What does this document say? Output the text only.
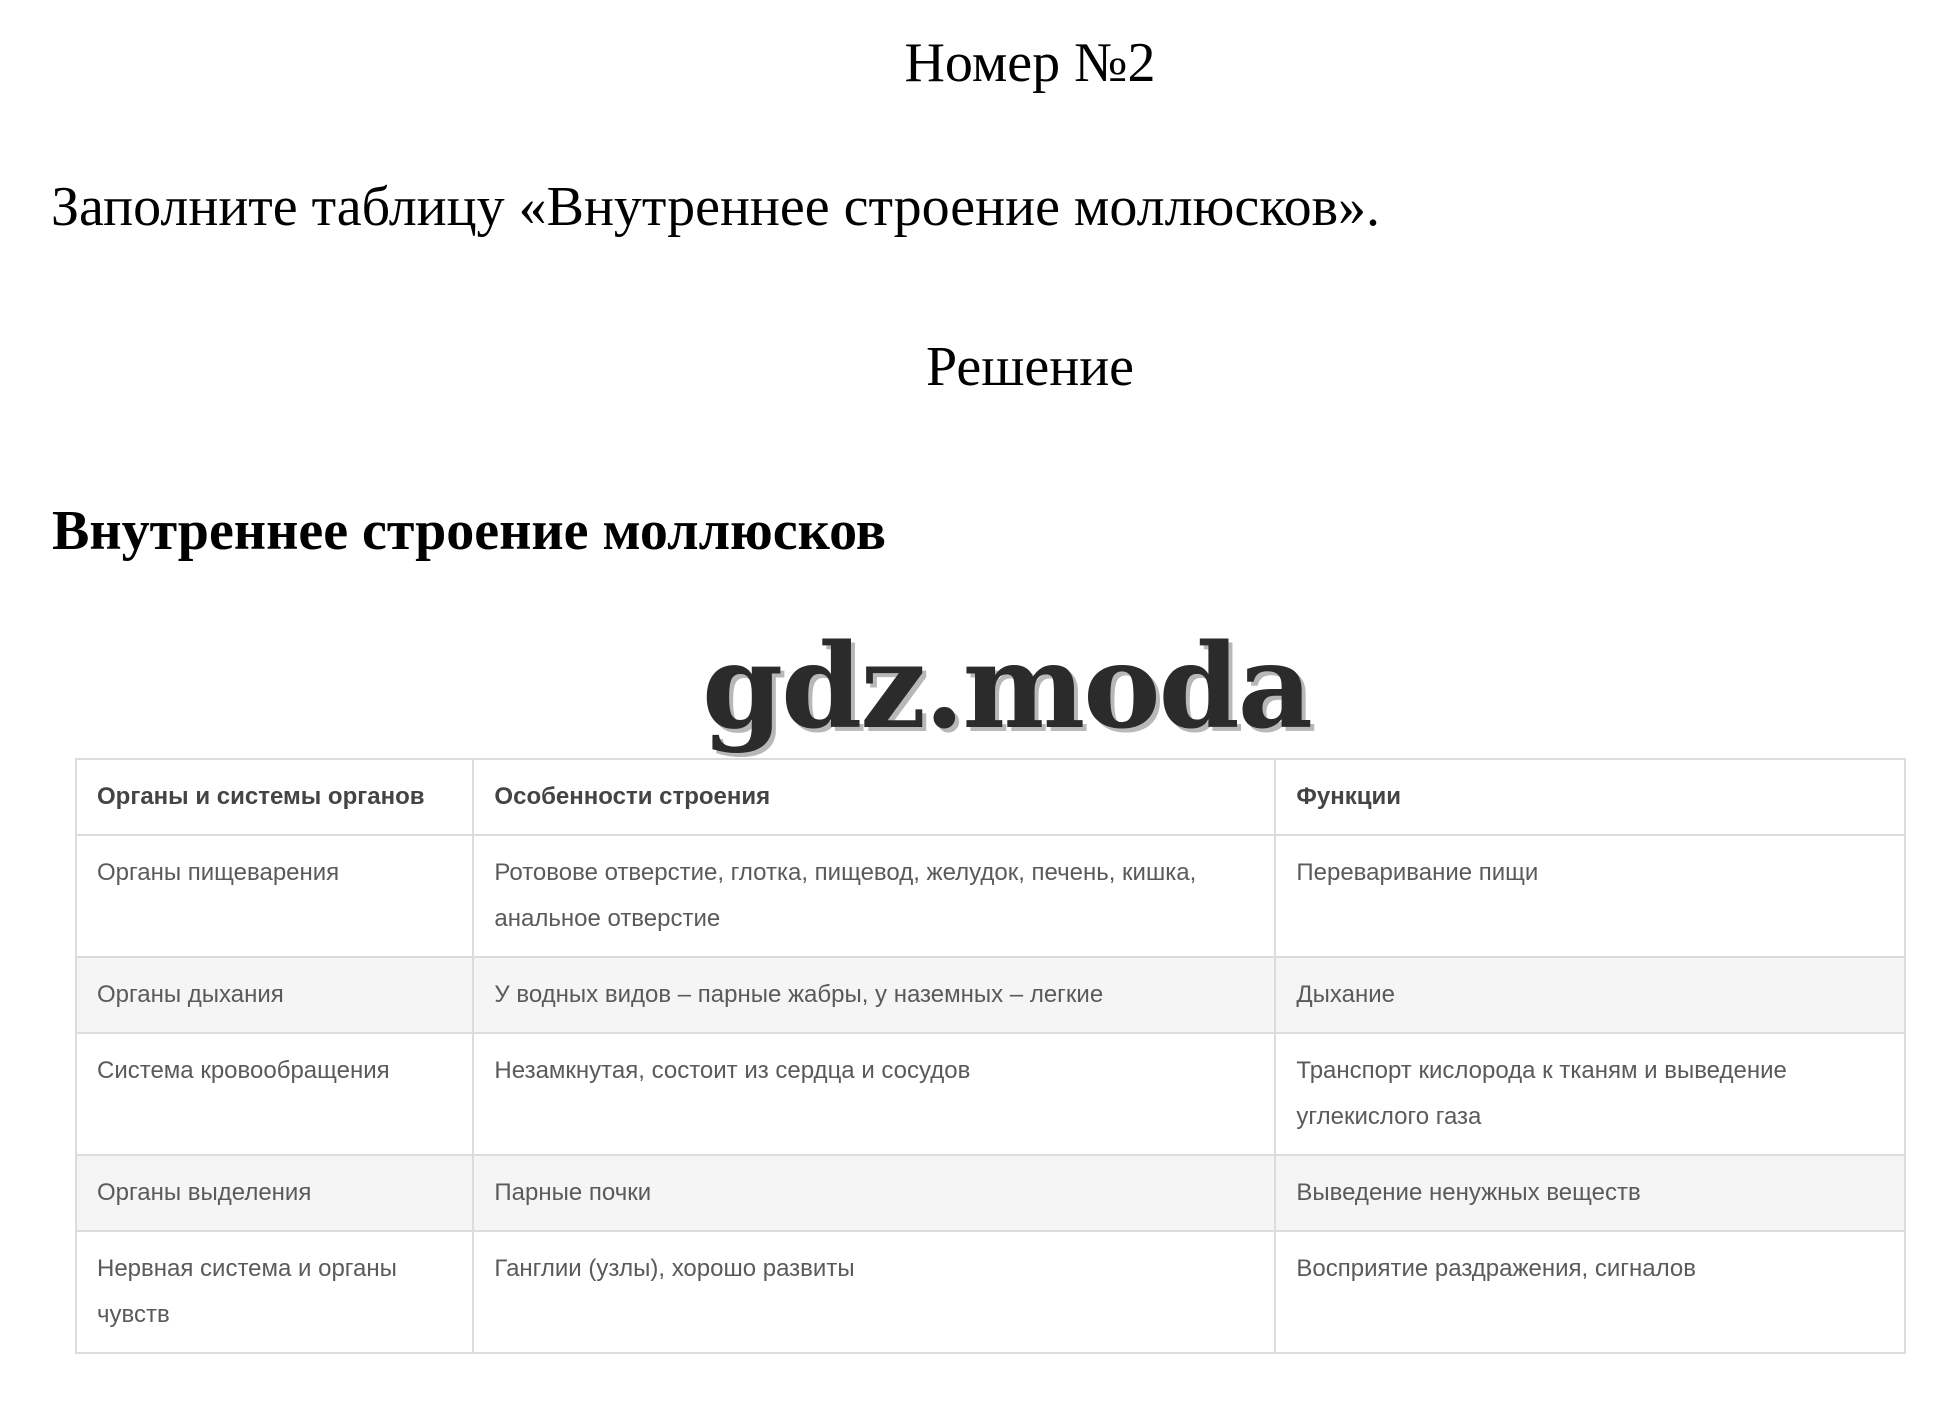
Номер №2
Заполните таблицу «Внутреннее строение моллюсков».
Решение
Внутреннее строение моллюсков
gdz.moda
Органы и системы органов	Особенности строения	Функции
Органы пищеварения	Ротовове отверстие, глотка, пищевод, желудок, печень, кишка, анальное отверстие	Переваривание пищи
Органы дыхания	У водных видов – парные жабры, у наземных – легкие	Дыхание
Система кровообращения	Незамкнутая, состоит из сердца и сосудов	Транспорт кислорода к тканям и выведение углекислого газа
Органы выделения	Парные почки	Выведение ненужных веществ
Нервная система и органы чувств	Ганглии (узлы), хорошо развиты	Восприятие раздражения, сигналов
